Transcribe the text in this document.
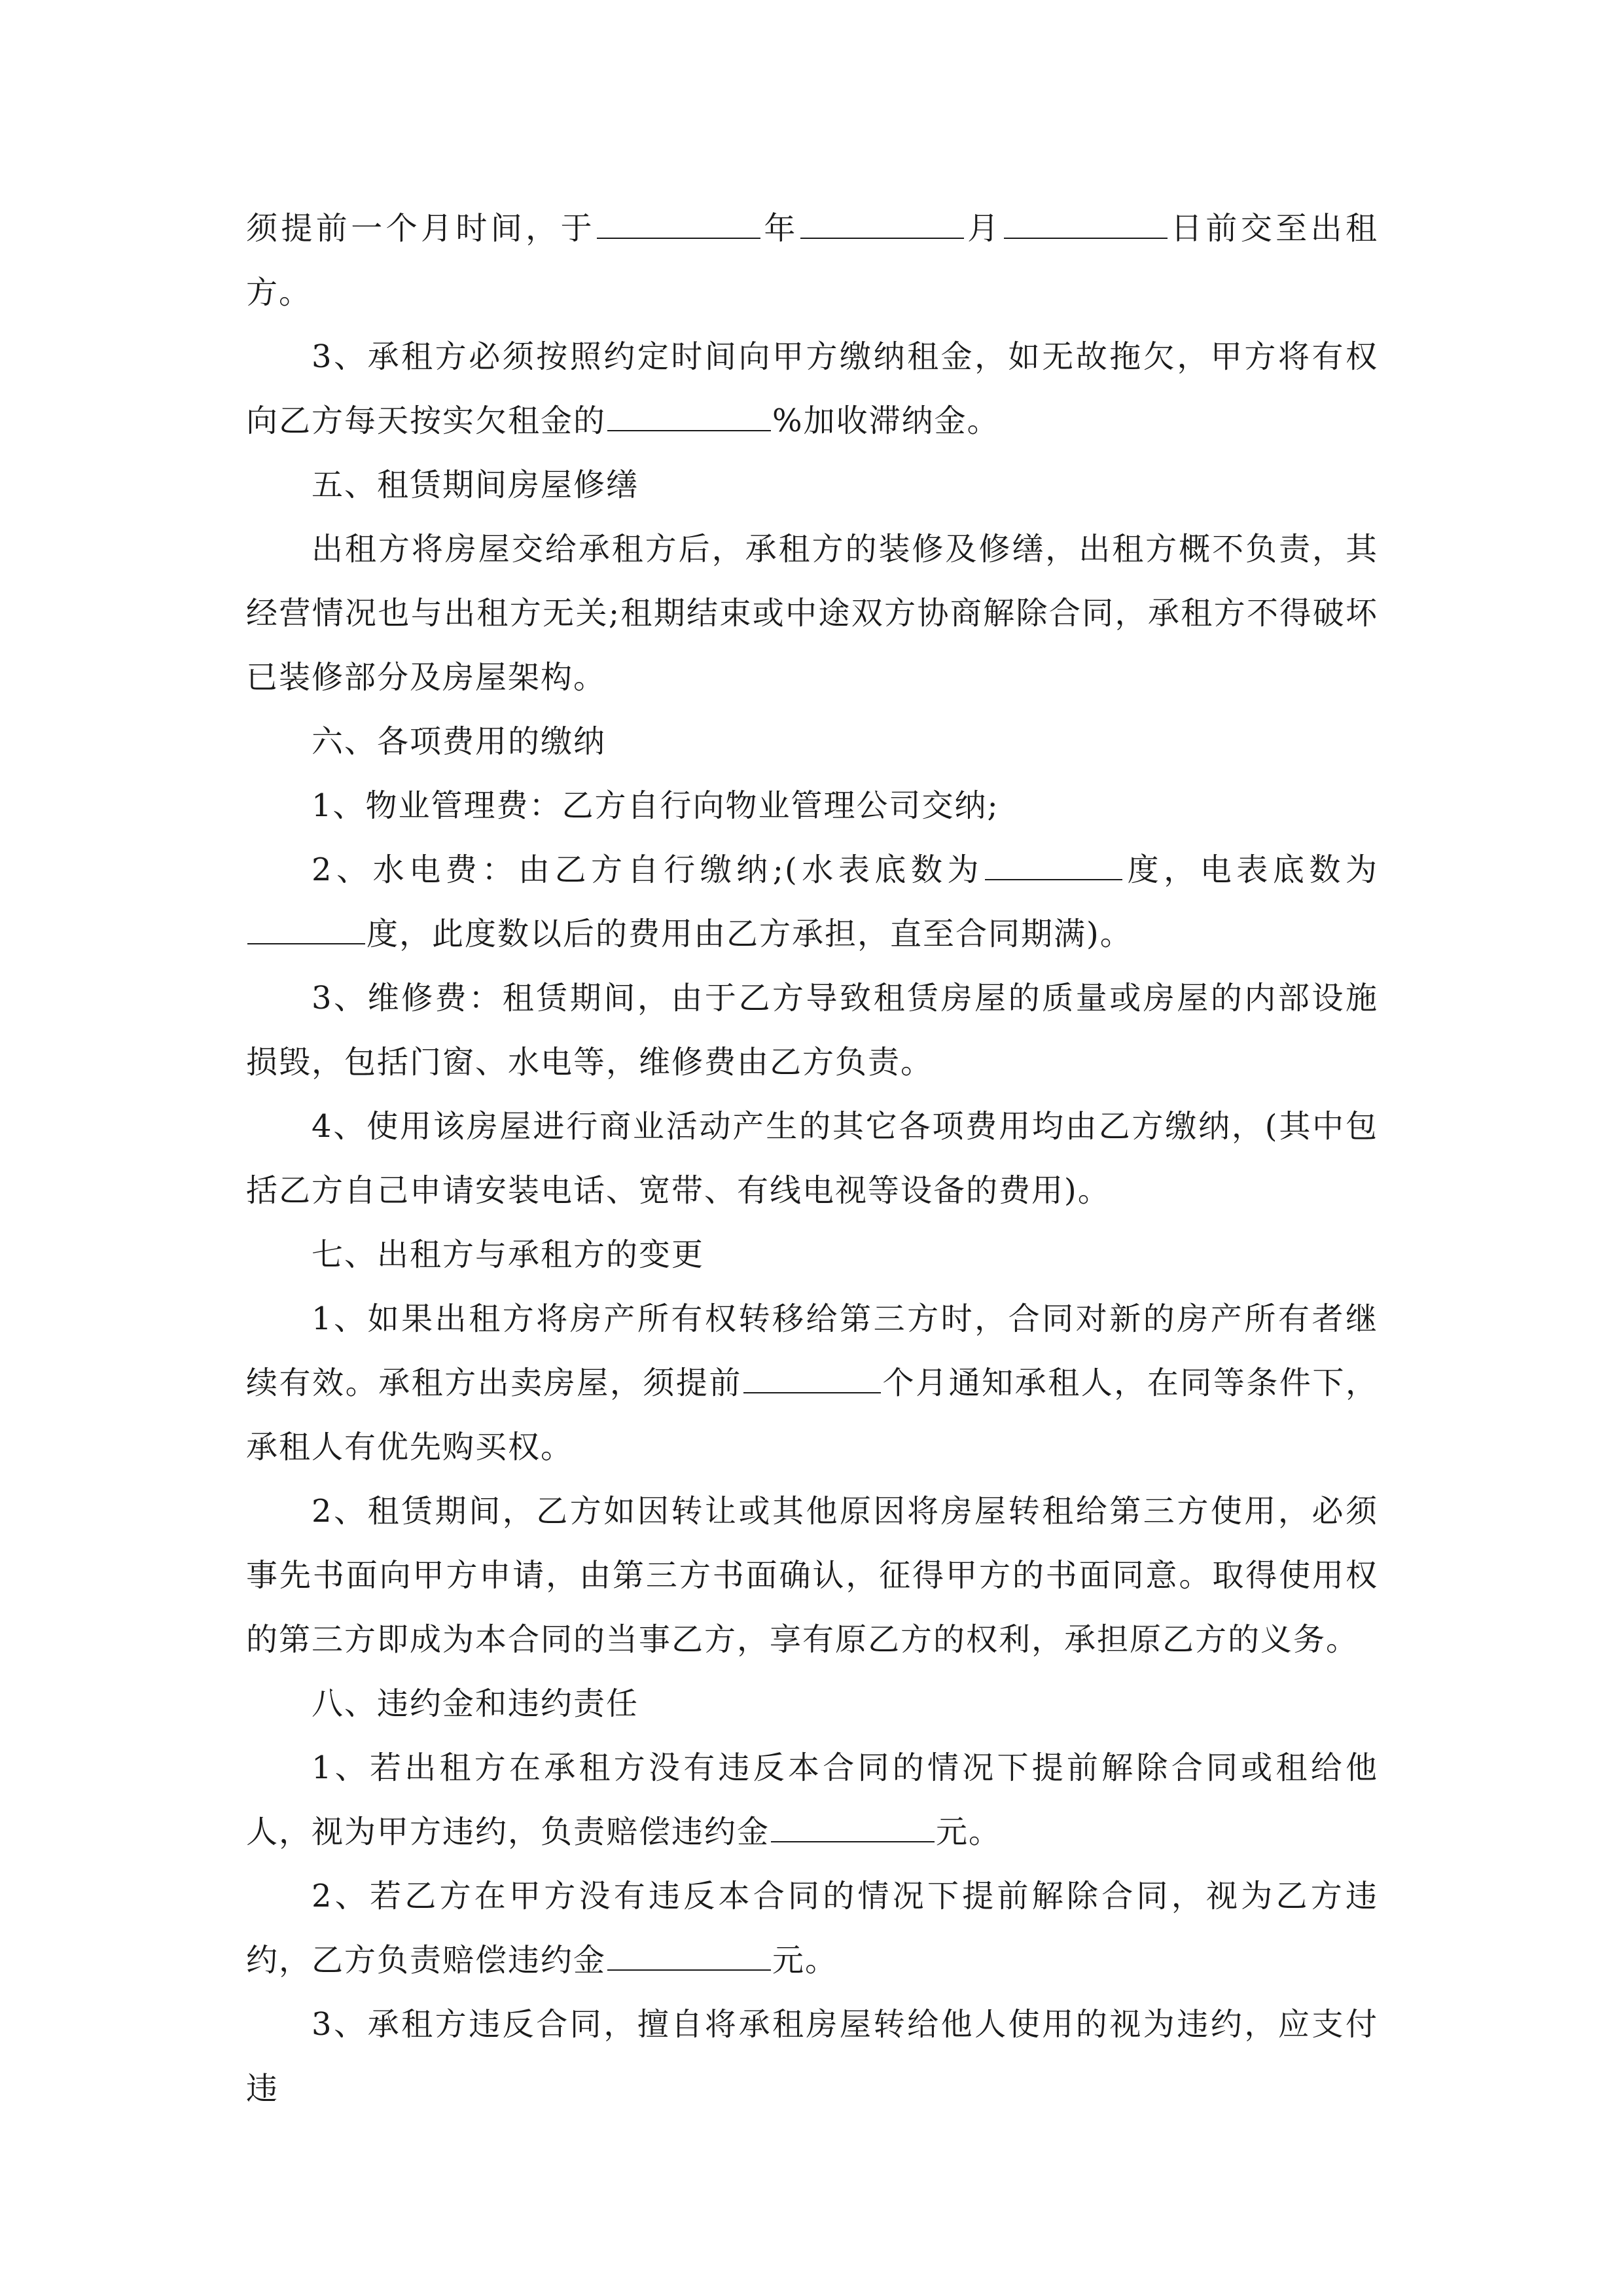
须提前一个月时间，于	年	月	日前交至出租方。

3、承租方必须按照约定时间向甲方缴纳租金，如无故拖欠，甲方将有权向乙方每天按实欠租金的	%加收滞纳金。

五、租赁期间房屋修缮

出租方将房屋交给承租方后，承租方的装修及修缮，出租方概不负责，其经营情况也与出租方无关;租期结束或中途双方协商解除合同，承租方不得破坏已装修部分及房屋架构。

六、各项费用的缴纳

1、物业管理费：乙方自行向物业管理公司交纳;

2、水电费：由乙方自行缴纳;(水表底数为	度，电表底数为度，此度数以后的费用由乙方承担，直至合同期满)。

3、维修费：租赁期间，由于乙方导致租赁房屋的质量或房屋的内部设施损毁，包括门窗、水电等，维修费由乙方负责。

4、使用该房屋进行商业活动产生的其它各项费用均由乙方缴纳，(其中包括乙方自己申请安装电话、宽带、有线电视等设备的费用)。

七、出租方与承租方的变更

1、如果出租方将房产所有权转移给第三方时，合同对新的房产所有者继续有效。承租方出卖房屋，须提前	个月通知承租人，在同等条件下，承租人有优先购买权。

2、租赁期间，乙方如因转让或其他原因将房屋转租给第三方使用，必须事先书面向甲方申请，由第三方书面确认，征得甲方的书面同意。取得使用权的第三方即成为本合同的当事乙方，享有原乙方的权利，承担原乙方的义务。

八、违约金和违约责任

1、若出租方在承租方没有违反本合同的情况下提前解除合同或租给他人，视为甲方违约，负责赔偿违约金	元。

2、若乙方在甲方没有违反本合同的情况下提前解除合同，视为乙方违约，乙方负责赔偿违约金	元。

3、承租方违反合同，擅自将承租房屋转给他人使用的视为违约，应支付违
